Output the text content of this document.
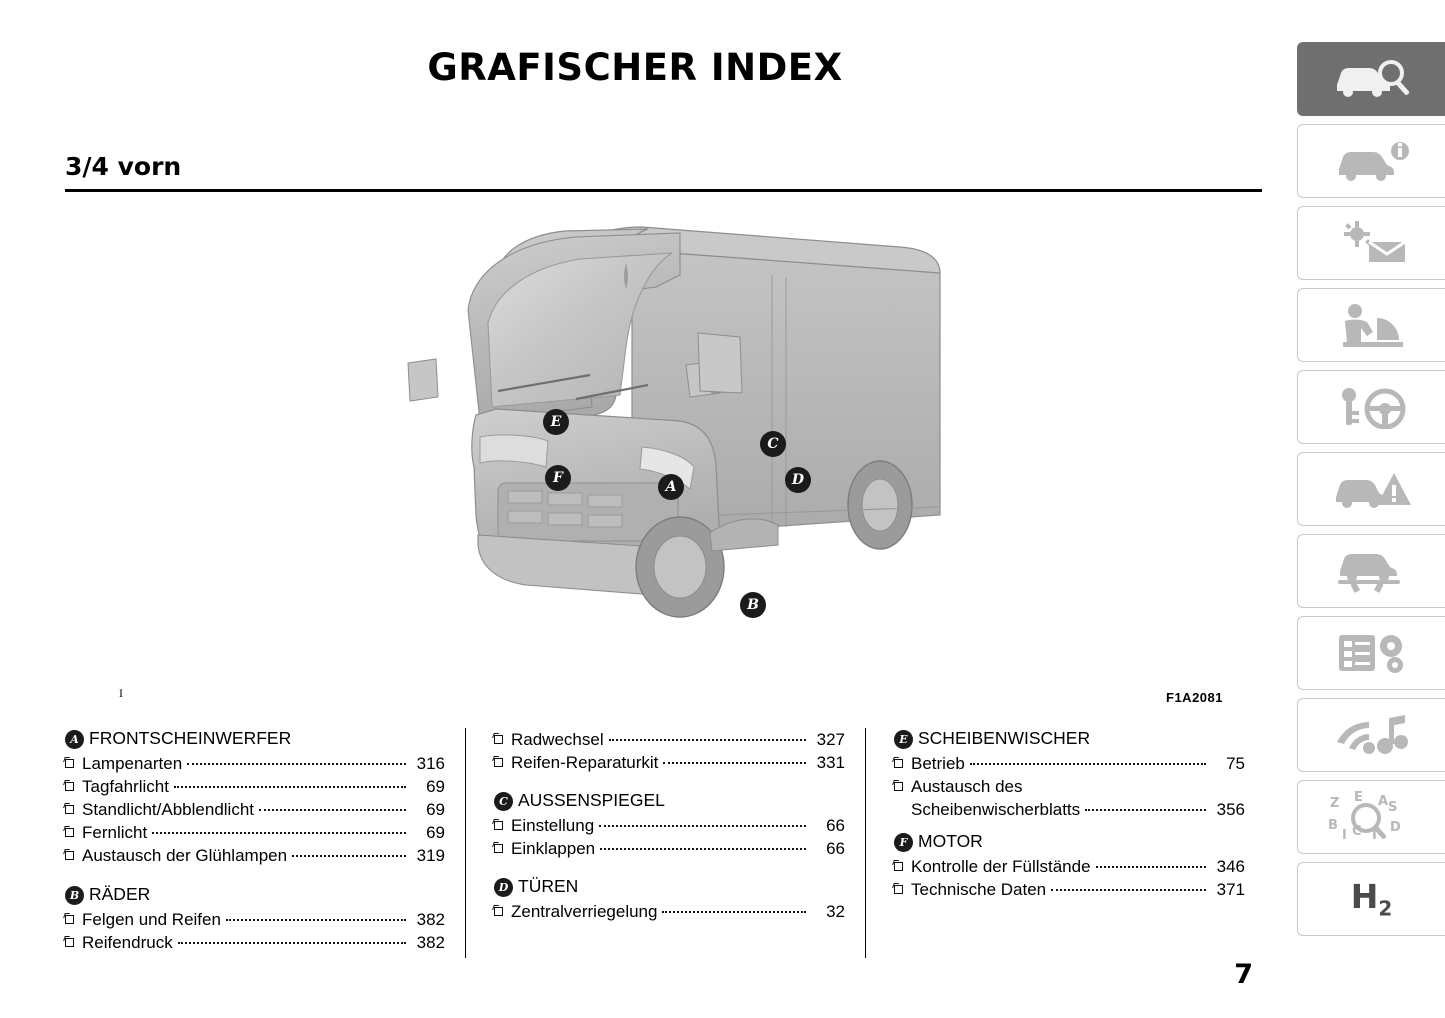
GRAFISCHER INDEX
3/4 vorn
A
B
C
D
E
F
I	F1A2081
A FRONTSCHEINWERFER
Lampenarten	316
Tagfahrlicht	69
Standlicht/Abblendlicht	69
Fernlicht	69
Austausch der Glühlampen	319
B RÄDER
Felgen und Reifen	382
Reifendruck	382
Radwechsel	327
Reifen-Reparaturkit	331
C AUSSENSPIEGEL
Einstellung	66
Einklappen	66
D TÜREN
Zentralverriegelung	32
E SCHEIBENWISCHER
Betrieb	75
Austausch des
Scheibenwischerblatts	356
F MOTOR
Kontrolle der Füllstände	346
Technische Daten	371
7
Z E A
B C T
D
I
S
$H_2$
